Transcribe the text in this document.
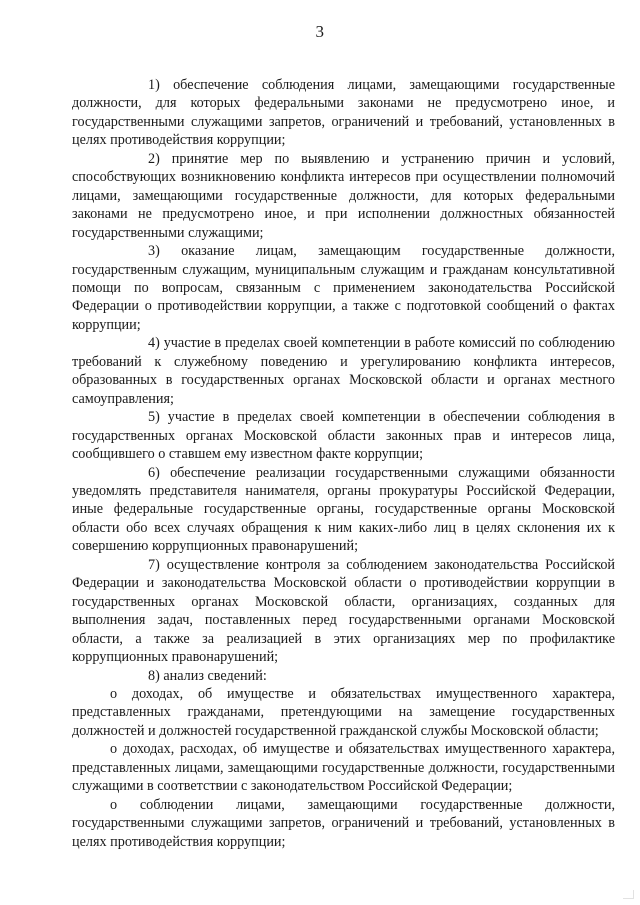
3

1) обеспечение соблюдения лицами, замещающими государственные должности, для которых федеральными законами не предусмотрено иное, и государственными служащими запретов, ограничений и требований, установленных в целях противодействия коррупции;

2) принятие мер по выявлению и устранению причин и условий, способствующих возникновению конфликта интересов при осуществлении полномочий лицами, замещающими государственные должности, для которых федеральными законами не предусмотрено иное, и при исполнении должностных обязанностей государственными служащими;

3) оказание лицам, замещающим государственные должности, государственным служащим, муниципальным служащим и гражданам консультативной помощи по вопросам, связанным с применением законодательства Российской Федерации о противодействии коррупции, а также с подготовкой сообщений о фактах коррупции;

4) участие в пределах своей компетенции в работе комиссий по соблюдению требований к служебному поведению и урегулированию конфликта интересов, образованных в государственных органах Московской области и органах местного самоуправления;

5) участие в пределах своей компетенции в обеспечении соблюдения в государственных органах Московской области законных прав и интересов лица, сообщившего о ставшем ему известном факте коррупции;

6) обеспечение реализации государственными служащими обязанности уведомлять представителя нанимателя, органы прокуратуры Российской Федерации, иные федеральные государственные органы, государственные органы Московской области обо всех случаях обращения к ним каких-либо лиц в целях склонения их к совершению коррупционных правонарушений;

7) осуществление контроля за соблюдением законодательства Российской Федерации и законодательства Московской области о противодействии коррупции в государственных органах Московской области, организациях, созданных для выполнения задач, поставленных перед государственными органами Московской области, а также за реализацией в этих организациях мер по профилактике коррупционных правонарушений;

8) анализ сведений:

о доходах, об имуществе и обязательствах имущественного характера, представленных гражданами, претендующими на замещение государственных должностей и должностей государственной гражданской службы Московской области;

о доходах, расходах, об имуществе и обязательствах имущественного характера, представленных лицами, замещающими государственные должности, государственными служащими в соответствии с законодательством Российской Федерации;

о соблюдении лицами, замещающими государственные должности, государственными служащими запретов, ограничений и требований, установленных в целях противодействия коррупции;
